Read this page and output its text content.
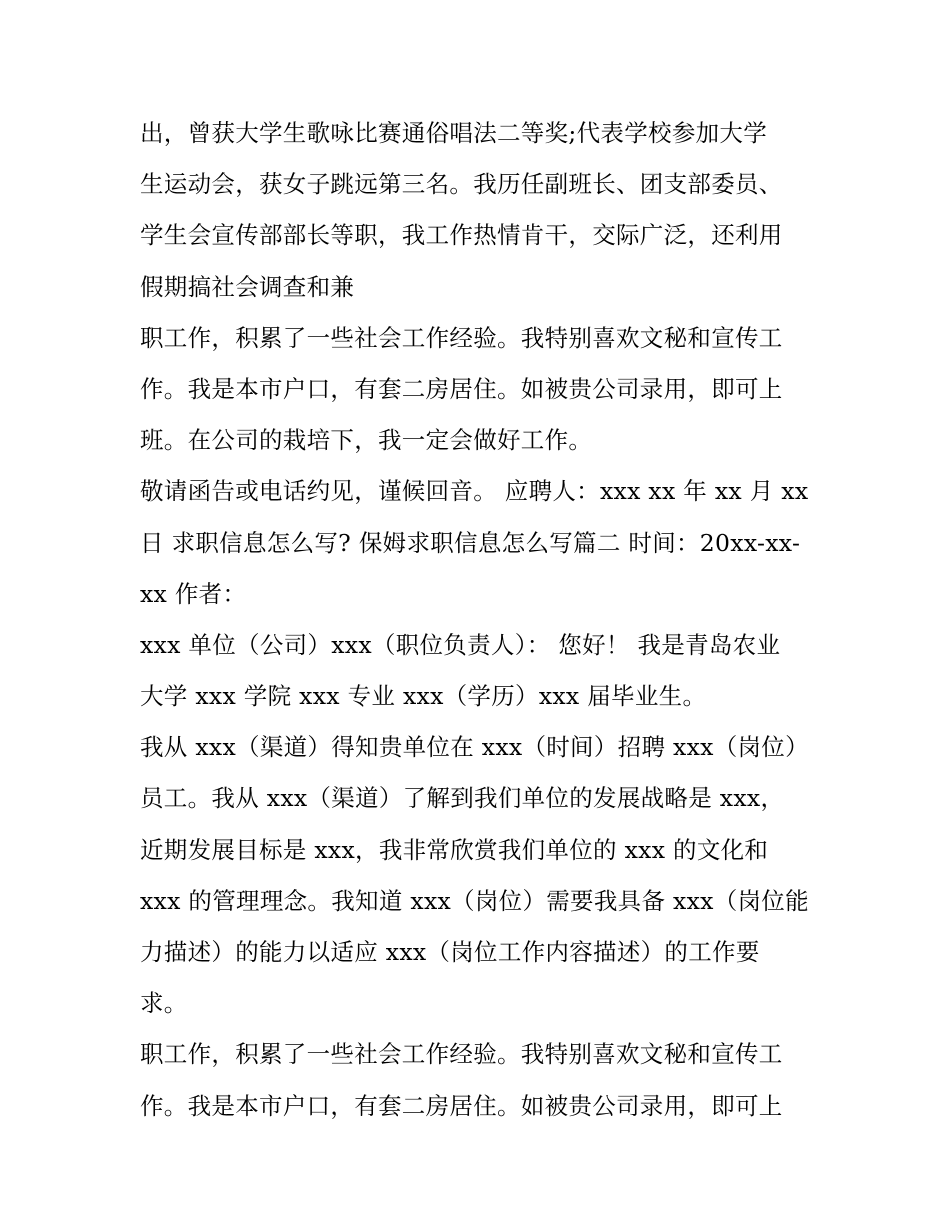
出，曾获大学生歌咏比赛通俗唱法二等奖;代表学校参加大学
生运动会，获女子跳远第三名。我历任副班长、团支部委员、
学生会宣传部部长等职，我工作热情肯干，交际广泛，还利用
假期搞社会调查和兼
职工作，积累了一些社会工作经验。我特别喜欢文秘和宣传工
作。我是本市户口，有套二房居住。如被贵公司录用，即可上
班。在公司的栽培下，我一定会做好工作。
敬请函告或电话约见，谨候回音。 应聘人：xxx xx 年 xx 月 xx
日 求职信息怎么写? 保姆求职信息怎么写篇二 时间：20xx-xx-
xx 作者：
xxx 单位（公司）xxx（职位负责人）： 您好！ 我是青岛农业
大学 xxx 学院 xxx 专业 xxx（学历）xxx 届毕业生。
我从 xxx（渠道）得知贵单位在 xxx（时间）招聘 xxx（岗位）
员工。我从 xxx（渠道）了解到我们单位的发展战略是 xxx，
近期发展目标是 xxx，我非常欣赏我们单位的 xxx 的文化和
xxx 的管理理念。我知道 xxx（岗位）需要我具备 xxx（岗位能
力描述）的能力以适应 xxx（岗位工作内容描述）的工作要
求。
职工作，积累了一些社会工作经验。我特别喜欢文秘和宣传工
作。我是本市户口，有套二房居住。如被贵公司录用，即可上
